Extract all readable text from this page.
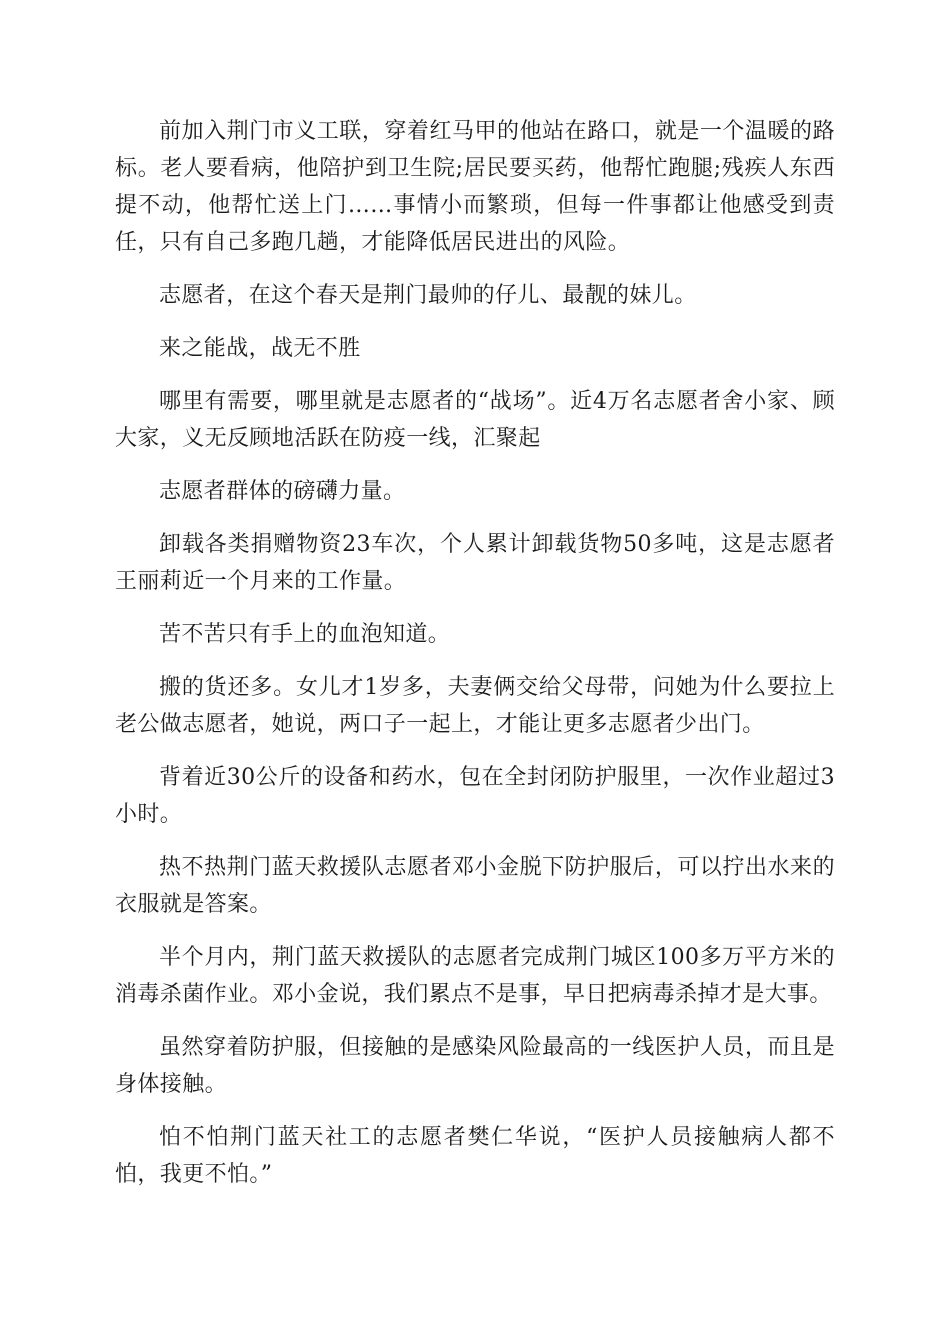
前加入荆门市义工联，穿着红马甲的他站在路口，就是一个温暖的路标。老人要看病，他陪护到卫生院;居民要买药，他帮忙跑腿;残疾人东西提不动，他帮忙送上门……事情小而繁琐，但每一件事都让他感受到责任，只有自己多跑几趟，才能降低居民进出的风险。

志愿者，在这个春天是荆门最帅的仔儿、最靓的妹儿。

来之能战，战无不胜

哪里有需要，哪里就是志愿者的“战场”。近4万名志愿者舍小家、顾大家，义无反顾地活跃在防疫一线，汇聚起

志愿者群体的磅礴力量。

卸载各类捐赠物资23车次，个人累计卸载货物50多吨，这是志愿者王丽莉近一个月来的工作量。

苦不苦只有手上的血泡知道。

搬的货还多。女儿才1岁多，夫妻俩交给父母带，问她为什么要拉上老公做志愿者，她说，两口子一起上，才能让更多志愿者少出门。

背着近30公斤的设备和药水，包在全封闭防护服里，一次作业超过3小时。

热不热荆门蓝天救援队志愿者邓小金脱下防护服后，可以拧出水来的衣服就是答案。

半个月内，荆门蓝天救援队的志愿者完成荆门城区100多万平方米的消毒杀菌作业。邓小金说，我们累点不是事，早日把病毒杀掉才是大事。

虽然穿着防护服，但接触的是感染风险最高的一线医护人员，而且是身体接触。

怕不怕荆门蓝天社工的志愿者樊仁华说，“医护人员接触病人都不怕，我更不怕。”
